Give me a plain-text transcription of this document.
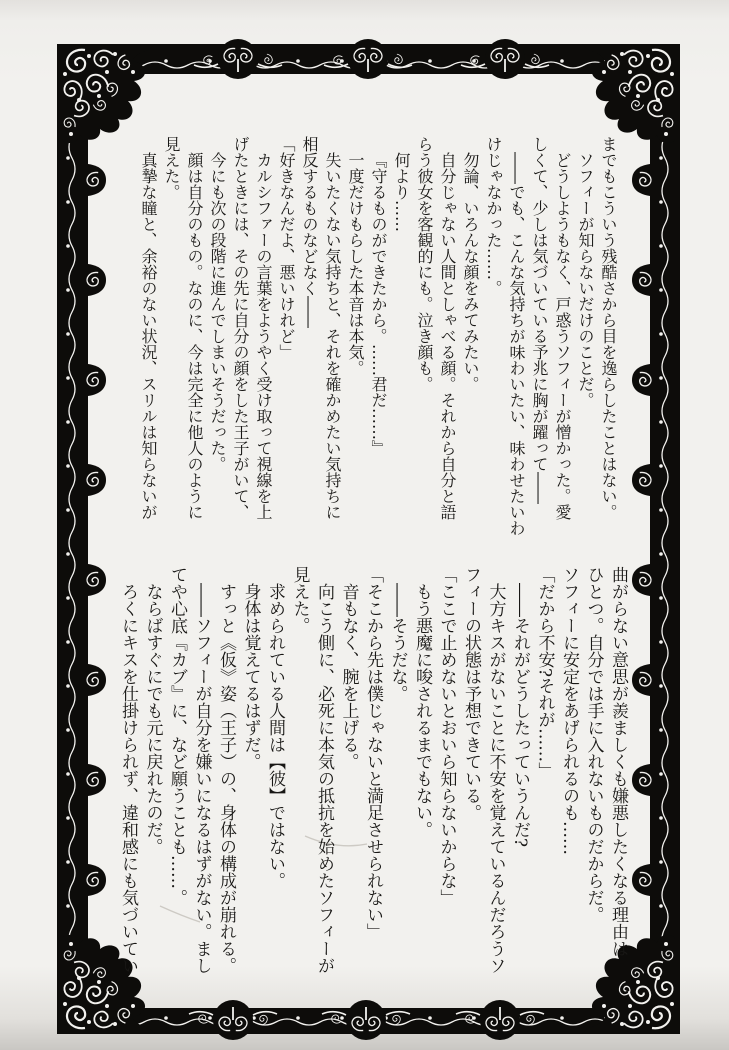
までもこういう残酷さから目を逸らしたことはない。

ソフィーが知らないだけのことだ。

どうしようもなく、戸惑うソフィーが憎かった。愛

しくて、少しは気づいている予兆に胸が躍って――

――でも、こんな気持ちが味わいたい、味わせたいわ

けじゃなかった……。

勿論、いろんな顔をみてみたい。

自分じゃない人間としゃべる顔。それから自分と語

らう彼女を客観的にも。泣き顔も。

何より……

『守るものができたから。……君だ……』

一度だけもらした本音は本気。

失いたくない気持ちと、それを確かめたい気持ちに

相反するものなどなく――

「好きなんだよ、悪いけれど」

カルシファーの言葉をようやく受け取って視線を上

げたときには、その先に自分の顔をした王子がいて、

今にも次の段階に進んでしまいそうだった。

顔は自分のもの。なのに、今は完全に他人のように

見えた。

真摯な瞳と、余裕のない状況、スリルは知らないが

曲がらない意思が羨ましくも嫌悪したくなる理由は

ひとつ。自分では手に入れないものだからだ。

ソフィーに安定をあげられるのも……

「だから不安?それが……」

――それがどうしたっていうんだ?

大方キスがないことに不安を覚えているんだろうソ

フィーの状態は予想できている。

「ここで止めないとおいら知らないからな」

もう悪魔に唆されるまでもない。

――そうだな。

「そこから先は僕じゃないと満足させられない」

音もなく、腕を上げる。

向こう側に、必死に本気の抵抗を始めたソフィーが

見えた。

求められている人間は【彼】ではない。

身体は覚えてるはずだ。

すっと《仮》姿（王子）の、身体の構成が崩れる。

――ソフィーが自分を嫌いになるはずがない。まし

てや心底『カブ』に、など願うことも……。

ならばすぐにでも元に戻れたのだ。

ろくにキスを仕掛けられず、違和感にも気づいてい
